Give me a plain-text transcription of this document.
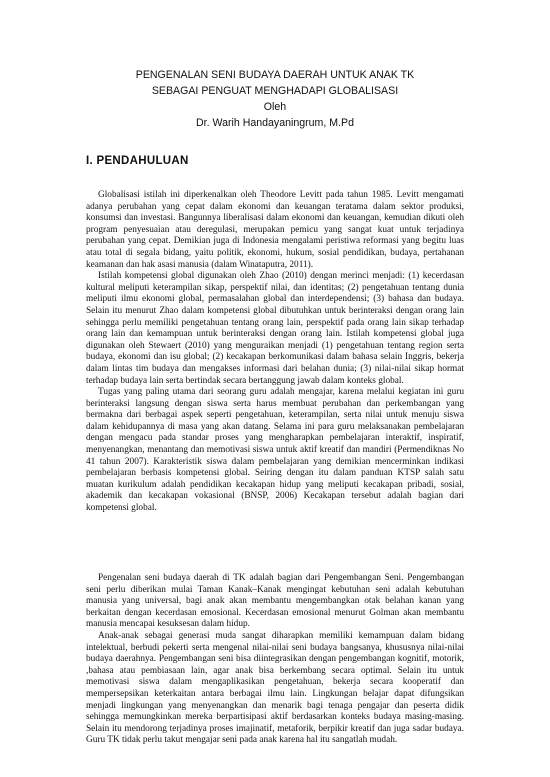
PENGENALAN SENI BUDAYA DAERAH UNTUK ANAK TK
SEBAGAI PENGUAT MENGHADAPI GLOBALISASI
Oleh
Dr. Warih Handayaningrum, M.Pd
I. PENDAHULUAN

Globalisasi istilah ini diperkenalkan oleh Theodore Levitt pada tahun 1985. Levitt mengamati adanya perubahan yang cepat dalam ekonomi dan keuangan teratama dalam sektor produksi, konsumsi dan investasi. Bangunnya liberalisasi dalam ekonomi dan keuangan, kemudian dikuti oleh program penyesuaian atau deregulasi, merupakan pemicu yang sangat kuat untuk terjadinya perubahan yang cepat. Demikian juga di Indonesia mengalami peristiwa reformasi yang begitu luas atau total di segala bidang, yaitu politik, ekonomi, hukum, sosial pendidikan, budaya, pertahanan keamanan dan hak asasi manusia (dalam Winataputra, 2011).

Istilah kompetensi global digunakan oleh Zhao (2010) dengan merinci menjadi: (1) kecerdasan kultural meliputi keterampilan sikap, perspektif nilai, dan identitas; (2) pengetahuan tentang dunia meliputi ilmu ekonomi global, permasalahan global dan interdependensi; (3) bahasa dan budaya. Selain itu menurut Zhao dalam kompetensi global dibutuhkan untuk berinteraksi dengan orang lain sehingga perlu memiliki pengetahuan tentang orang lain, perspektif pada orang lain sikap terhadap orang lain dan kemampuan untuk berinteraksi dengan orang lain. Istilah kompetensi global juga digunakan oleh Stewaert (2010) yang menguraikan menjadi (1) pengetahuan tentang region serta budaya, ekonomi dan isu global; (2) kecakapan berkomunikasi dalam bahasa selain Inggris, bekerja dalam lintas tim budaya dan mengakses informasi dari belahan dunia; (3) nilai-nilai sikap hormat terhadap budaya lain serta bertindak secara bertanggung jawab dalam konteks global.

Tugas yang paling utama dari seorang guru adalah mengajar, karena melalui kegiatan ini guru berinteraksi langsung dengan siswa serta harus membuat perubahan dan perkembangan yang bermakna dari berbagai aspek seperti pengetahuan, keterampilan, serta nilai untuk menuju siswa dalam kehidupannya di masa yang akan datang. Selama ini para guru melaksanakan pembelajaran dengan mengacu pada standar proses yang mengharapkan pembelajaran interaktif, inspiratif, menyenangkan, menantang dan memotivasi siswa untuk aktif kreatif dan mandiri (Permendiknas No 41 tahun 2007). Karakteristik siswa dalam pembelajaran yang demikian mencerminkan indikasi pembelajaran berbasis kompetensi global. Seiring dengan itu dalam panduan KTSP salah satu muatan kurikulum adalah pendidikan kecakapan hidup yang meliputi kecakapan pribadi, sosial, akademik dan kecakapan vokasional (BNSP, 2006) Kecakapan tersebut adalah bagian dari kompetensi global.

Pengenalan seni budaya daerah di TK adalah bagian dari Pengembangan Seni. Pengembangan seni perlu diberikan mulai Taman Kanak–Kanak mengingat kebutuhan seni adalah kebutuhan manusia yang universal, bagi anak akan membantu mengembangkan otak belahan kanan yang berkaitan dengan kecerdasan emosional. Kecerdasan emosional menurut Golman akan membantu manusia mencapai kesuksesan dalam hidup.

Anak-anak sebagai generasi muda sangat diharapkan memiliki kemampuan dalam bidang intelektual, berbudi pekerti serta mengenal nilai-nilai seni budaya bangsanya, khususnya nilai-nilai budaya daerahnya. Pengembangan seni bisa diintegrasikan dengan pengembangan kognitif, motorik, ,bahasa atau pembiasaan lain, agar anak bisa berkembang secara optimal. Selain itu untuk memotivasi siswa dalam mengaplikasikan pengetahuan, bekerja secara kooperatif dan mempersepsikan keterkaitan antara berbagai ilmu lain. Lingkungan belajar dapat difungsikan menjadi lingkungan yang menyenangkan dan menarik bagi tenaga pengajar dan peserta didik sehingga memungkinkan mereka berpartisipasi aktif berdasarkan konteks budaya masing-masing. Selain itu mendorong terjadinya proses imajinatif, metaforik, berpikir kreatif dan juga sadar budaya. Guru TK tidak perlu takut mengajar seni pada anak karena hal itu sangatlah mudah.
